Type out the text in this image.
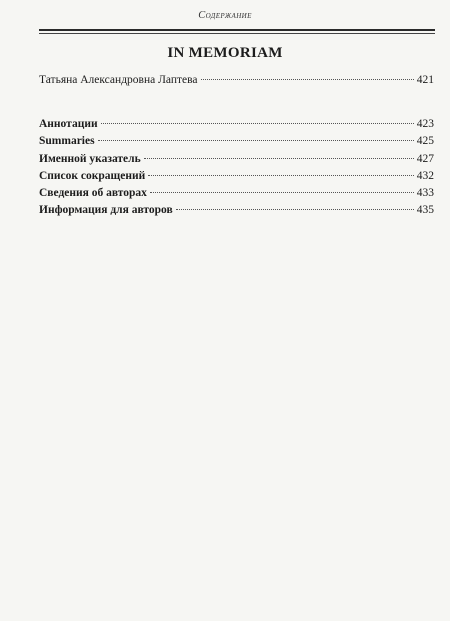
Содержание
IN MEMORIAM
Татьяна Александровна Лаптева	421
Аннотации	423
Summaries	425
Именной указатель	427
Список сокращений	432
Сведения об авторах	433
Информация для авторов	435
